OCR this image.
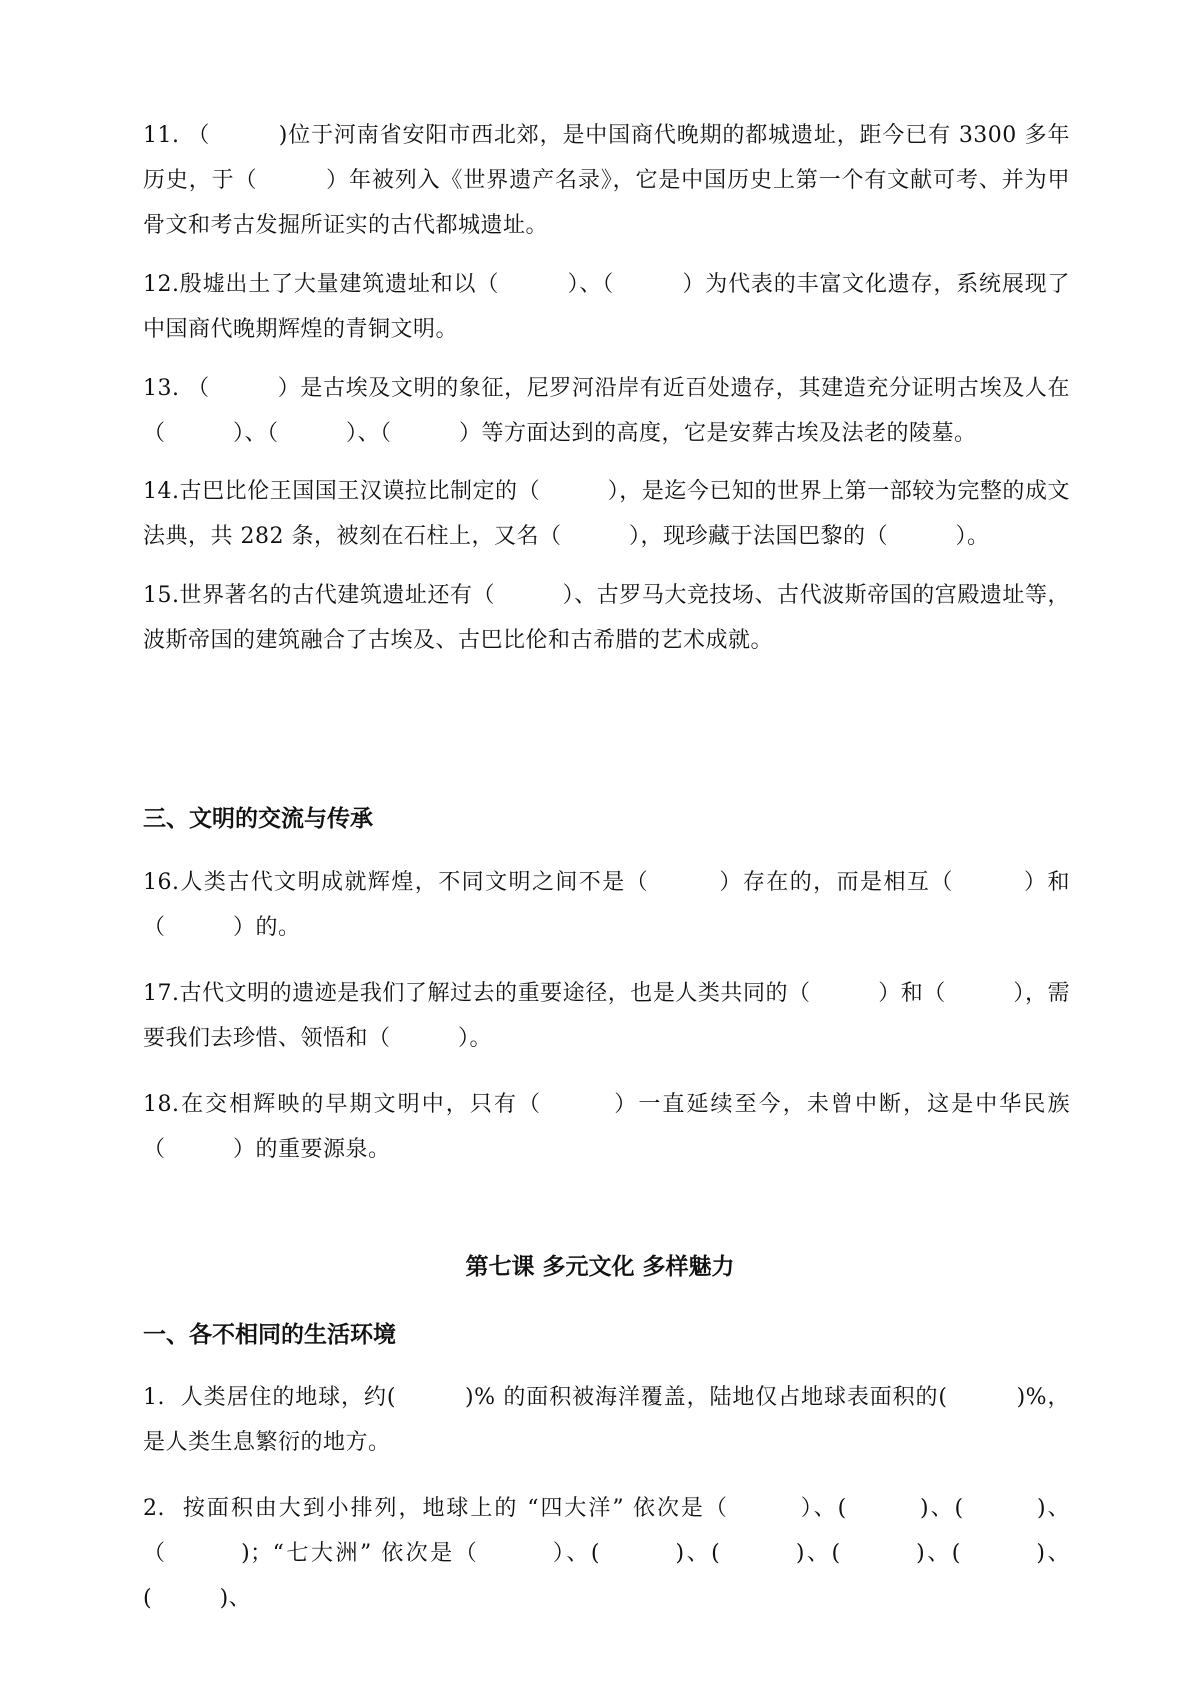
11. （　　　)位于河南省安阳市西北郊，是中国商代晚期的都城遗址，距今已有 3300 多年历史，于（　　　）年被列入《世界遗产名录》，它是中国历史上第一个有文献可考、并为甲骨文和考古发掘所证实的古代都城遗址。
12.殷墟出土了大量建筑遗址和以（　　　）、（　　　）为代表的丰富文化遗存，系统展现了中国商代晚期辉煌的青铜文明。
13. （　　　）是古埃及文明的象征，尼罗河沿岸有近百处遗存，其建造充分证明古埃及人在（　　　）、（　　　）、（　　　）等方面达到的高度，它是安葬古埃及法老的陵墓。
14.古巴比伦王国国王汉谟拉比制定的（　　　），是迄今已知的世界上第一部较为完整的成文法典，共 282 条，被刻在石柱上，又名（　　　），现珍藏于法国巴黎的（　　　）。
15.世界著名的古代建筑遗址还有（　　　）、古罗马大竞技场、古代波斯帝国的宫殿遗址等，波斯帝国的建筑融合了古埃及、古巴比伦和古希腊的艺术成就。
三、文明的交流与传承
16.人类古代文明成就辉煌，不同文明之间不是（　　　）存在的，而是相互（　　　）和（　　　）的。
17.古代文明的遗迹是我们了解过去的重要途径，也是人类共同的（　　　）和（　　　），需要我们去珍惜、领悟和（　　　）。
18.在交相辉映的早期文明中，只有（　　　）一直延续至今，未曾中断，这是中华民族（　　　）的重要源泉。
第七课 多元文化 多样魅力
一、各不相同的生活环境
1. 人类居住的地球，约(　　　)% 的面积被海洋覆盖，陆地仅占地球表面积的(　　　)%，是人类生息繁衍的地方。
2. 按面积由大到小排列，地球上的 “四大洋” 依次是（　　　）、(　　　)、(　　　)、（　　　)；“七大洲” 依次是（　　　）、(　　　)、(　　　)、(　　　)、(　　　)、(　　　)、
